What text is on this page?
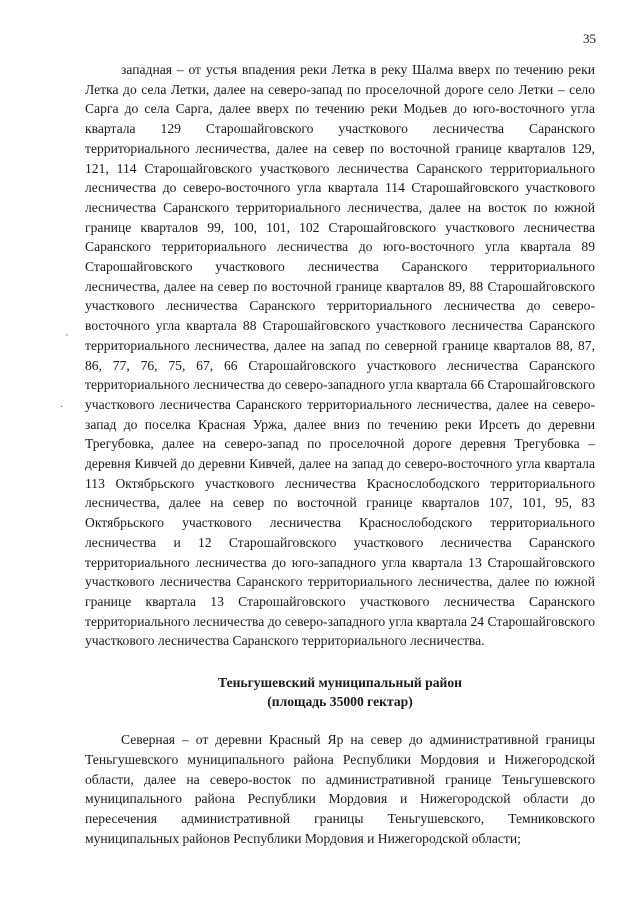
35
'
·

западная – от устья впадения реки Летка в реку Шалма вверх по течению реки Летка до села Летки, далее на северо-запад по проселочной дороге село Летки – село Сарга до села Сарга, далее вверх по течению реки Модьев до юго-восточного угла квартала 129 Старошайговского участкового лесничества Саранского территориального лесничества, далее на север по восточной границе кварталов 129, 121, 114 Старошайговского участкового лесничества Саранского территориального лесничества до северо-восточного угла квартала 114 Старошайговского участкового лесничества Саранского территориального лесничества, далее на восток по южной границе кварталов 99, 100, 101, 102 Старошайговского участкового лесничества Саранского территориального лесничества до юго-восточного угла квартала 89 Старошайговского участкового лесничества Саранского территориального лесничества, далее на север по восточной границе кварталов 89, 88 Старошайговского участкового лесничества Саранского территориального лесничества до северо-восточного угла квартала 88 Старошайговского участкового лесничества Саранского территориального лесничества, далее на запад по северной границе кварталов 88, 87, 86, 77, 76, 75, 67, 66 Старошайговского участкового лесничества Саранского территориального лесничества до северо-западного угла квартала 66 Старошайговского участкового лесничества Саранского территориального лесничества, далее на северо-запад до поселка Красная Уржа, далее вниз по течению реки Ирсеть до деревни Трегубовка, далее на северо-запад по проселочной дороге деревня Трегубовка – деревня Кивчей до деревни Кивчей, далее на запад до северо-восточного угла квартала 113 Октябрьского участкового лесничества Краснослободского территориального лесничества, далее на север по восточной границе кварталов 107, 101, 95, 83 Октябрьского участкового лесничества Краснослободского территориального лесничества и 12 Старошайговского участкового лесничества Саранского территориального лесничества до юго-западного угла квартала 13 Старошайговского участкового лесничества Саранского территориального лесничества, далее по южной границе квартала 13 Старошайговского участкового лесничества Саранского территориального лесничества до северо-западного угла квартала 24 Старошайговского участкового лесничества Саранского территориального лесничества.

Теньгушевский муниципальный район
(площадь 35000 гектар)

Северная – от деревни Красный Яр на север до административной границы Теньгушевского муниципального района Республики Мордовия и Нижегородской области, далее на северо-восток по административной границе Теньгушевского муниципального района Республики Мордовия и Нижегородской области до пересечения административной границы Теньгушевского, Темниковского муниципальных районов Республики Мордовия и Нижегородской области;
